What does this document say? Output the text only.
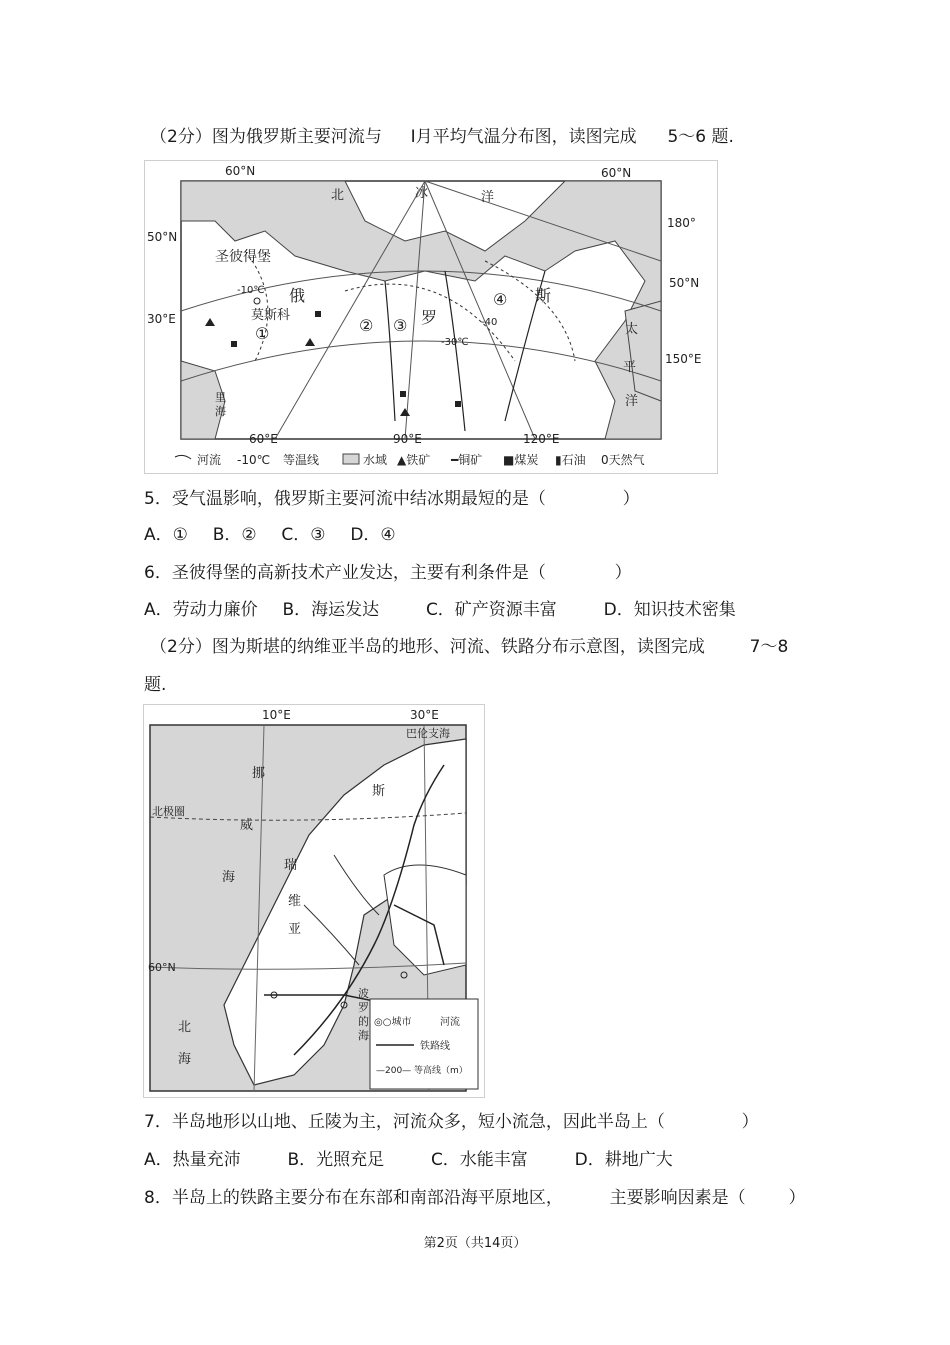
（2分）图为俄罗斯主要河流与 I月平均气温分布图，读图完成 5～6 题.
60°N	60°N
50°N
30°E
180°
50°N
150°E
60°E	90°E	120°E
圣彼得堡
莫斯科
俄
罗
斯
北	冰	洋
太
平
洋
里
海
①	② ③
④
-10℃
-30℃
-40
河流 -10℃ 等温线	水域 ▲铁矿 ━铜矿 ■煤炭 ▮石油 0天然气
5．受气温影响，俄罗斯主要河流中结冰期最短的是（	）
A．① B．② C．③ D．④
6．圣彼得堡的高新技术产业发达，主要有利条件是（	）
A．劳动力廉价 B．海运发达	C．矿产资源丰富	D．知识技术密集
（2分）图为斯堪的纳维亚半岛的地形、河流、铁路分布示意图，读图完成	7～8
题.
10°E	30°E
巴伦支海
北极圈
60°N
挪
威
海
瑞
维
亚
斯
北
海
波
罗
的
海
◎○城市	河流
铁路线
—200— 等高线（m）
7．半岛地形以山地、丘陵为主，河流众多，短小流急，因此半岛上（	）
A．热量充沛	B．光照充足	C．水能丰富	D．耕地广大
8．半岛上的铁路主要分布在东部和南部沿海平原地区，	主要影响因素是（	）
第2页（共14页）
